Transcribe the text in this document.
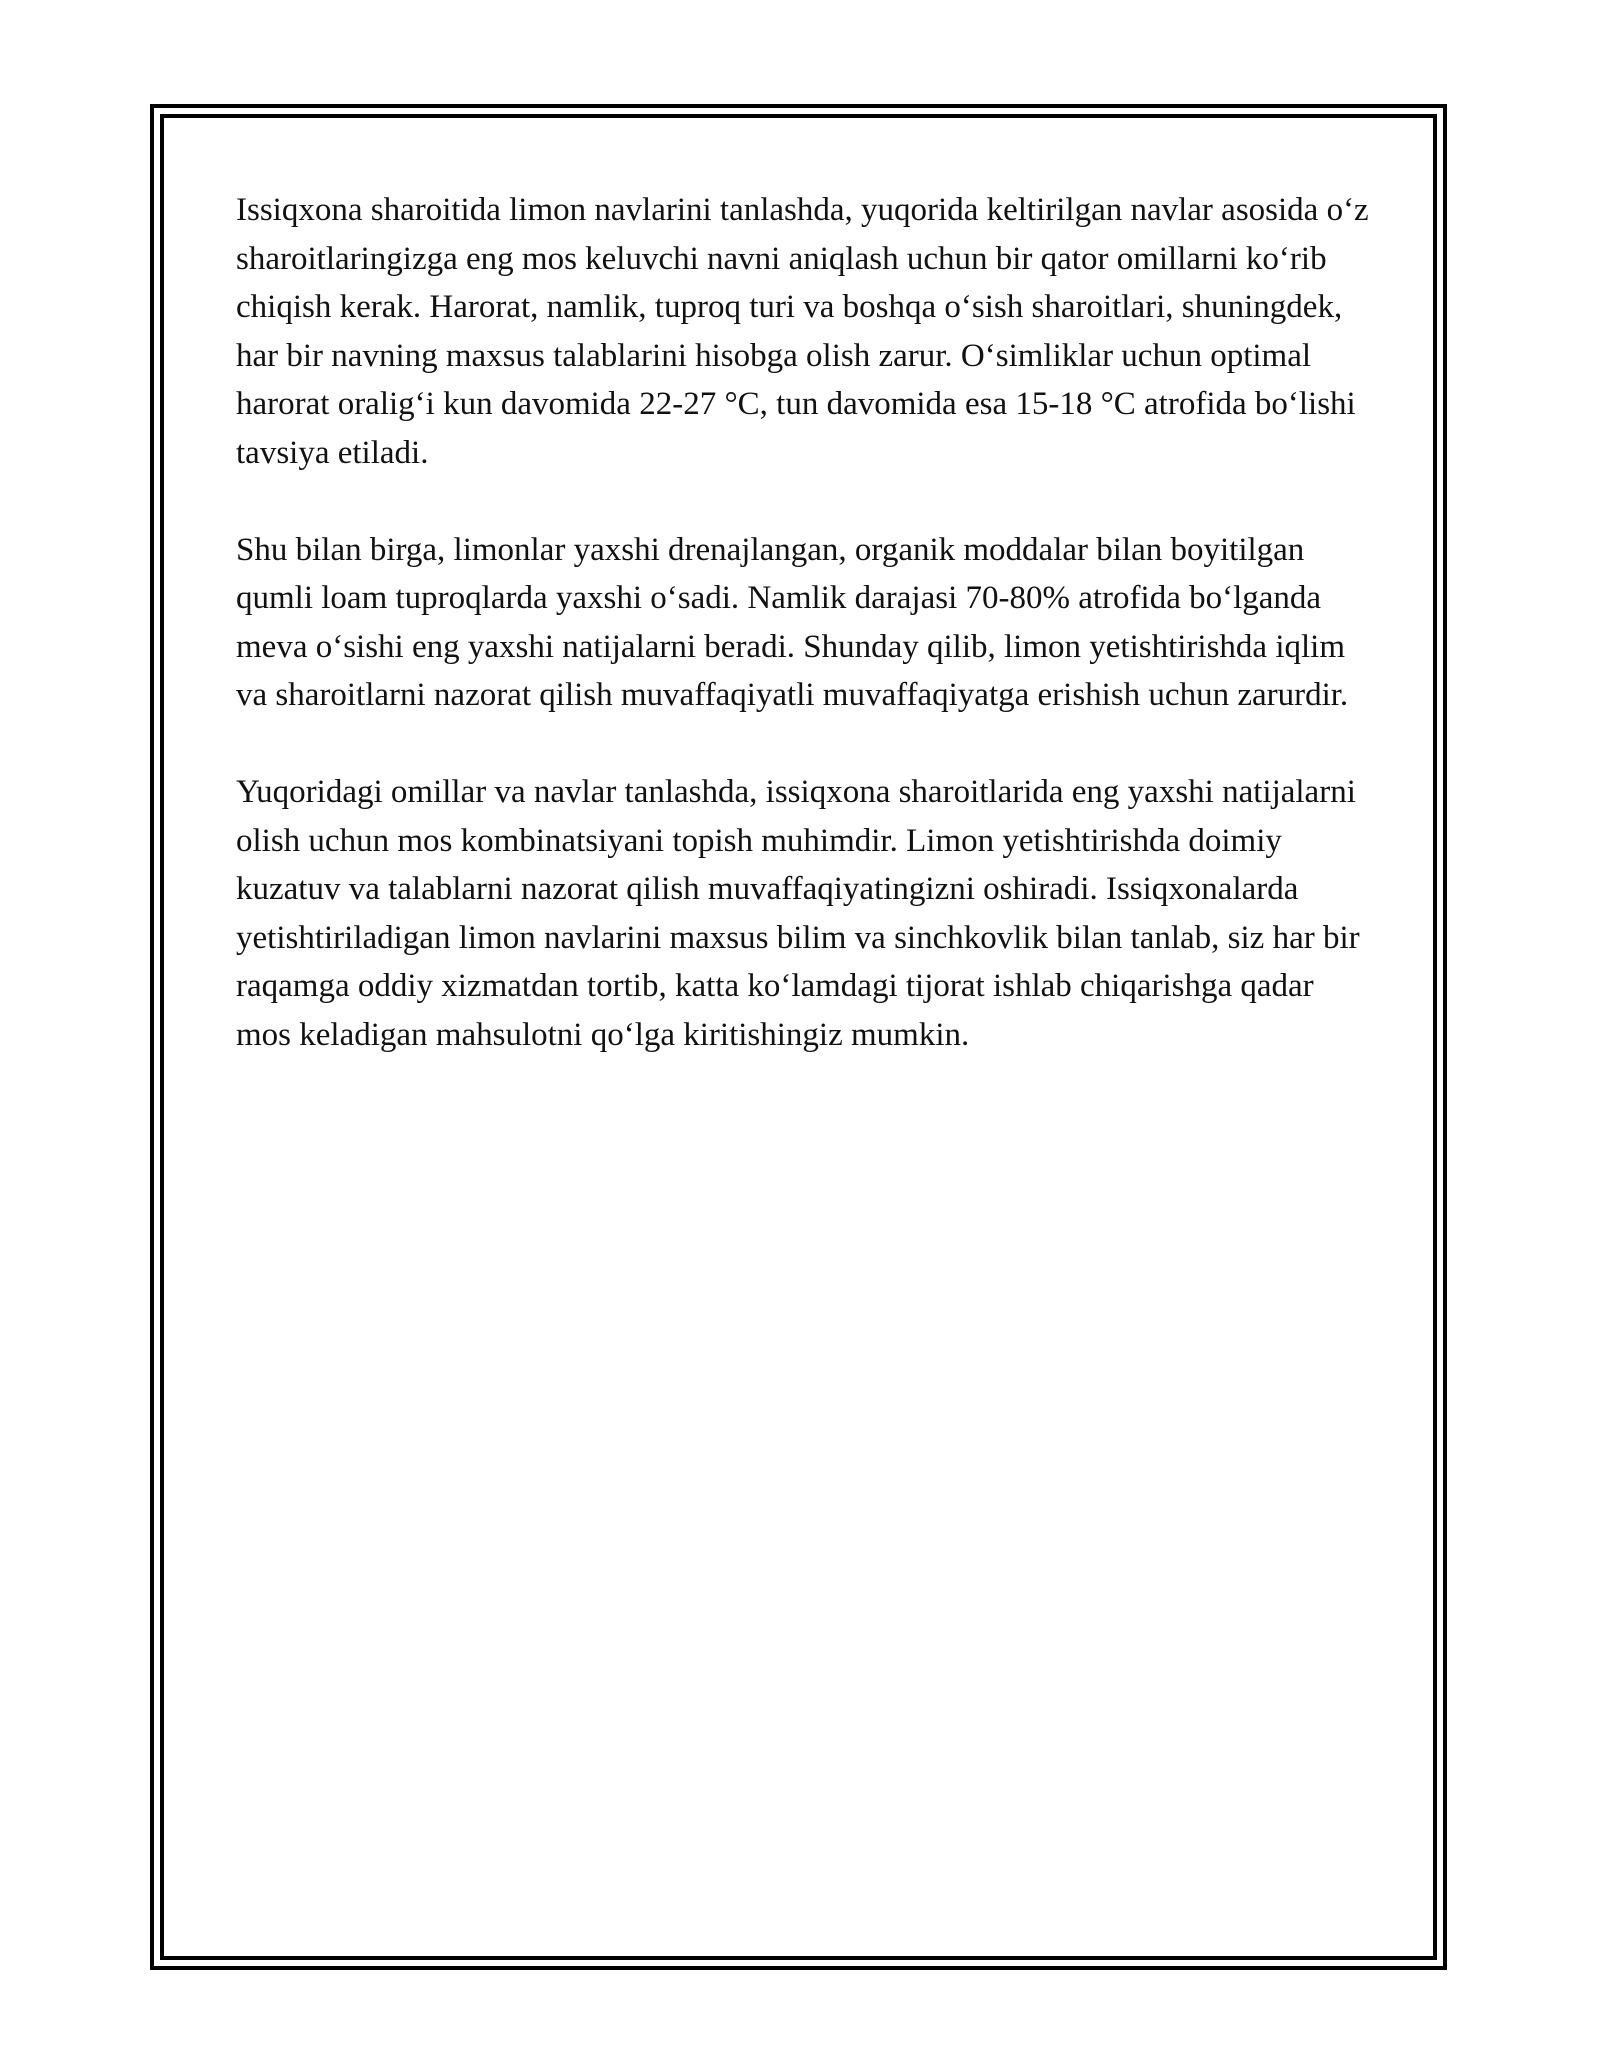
Issiqxona sharoitida limon navlarini tanlashda, yuqorida keltirilgan navlar asosida o‘z sharoitlaringizga eng mos keluvchi navni aniqlash uchun bir qator omillarni ko‘rib chiqish kerak. Harorat, namlik, tuproq turi va boshqa o‘sish sharoitlari, shuningdek, har bir navning maxsus talablarini hisobga olish zarur. O‘simliklar uchun optimal harorat oralig‘i kun davomida 22-27 °C, tun davomida esa 15-18 °C atrofida bo‘lishi tavsiya etiladi.

Shu bilan birga, limonlar yaxshi drenajlangan, organik moddalar bilan boyitilgan qumli loam tuproqlarda yaxshi o‘sadi. Namlik darajasi 70-80% atrofida bo‘lganda meva o‘sishi eng yaxshi natijalarni beradi. Shunday qilib, limon yetishtirishda iqlim va sharoitlarni nazorat qilish muvaffaqiyatli muvaffaqiyatga erishish uchun zarurdir.

Yuqoridagi omillar va navlar tanlashda, issiqxona sharoitlarida eng yaxshi natijalarni olish uchun mos kombinatsiyani topish muhimdir. Limon yetishtirishda doimiy kuzatuv va talablarni nazorat qilish muvaffaqiyatingizni oshiradi. Issiqxonalarda yetishtiriladigan limon navlarini maxsus bilim va sinchkovlik bilan tanlab, siz har bir raqamga oddiy xizmatdan tortib, katta ko‘lamdagi tijorat ishlab chiqarishga qadar mos keladigan mahsulotni qo‘lga kiritishingiz mumkin.
